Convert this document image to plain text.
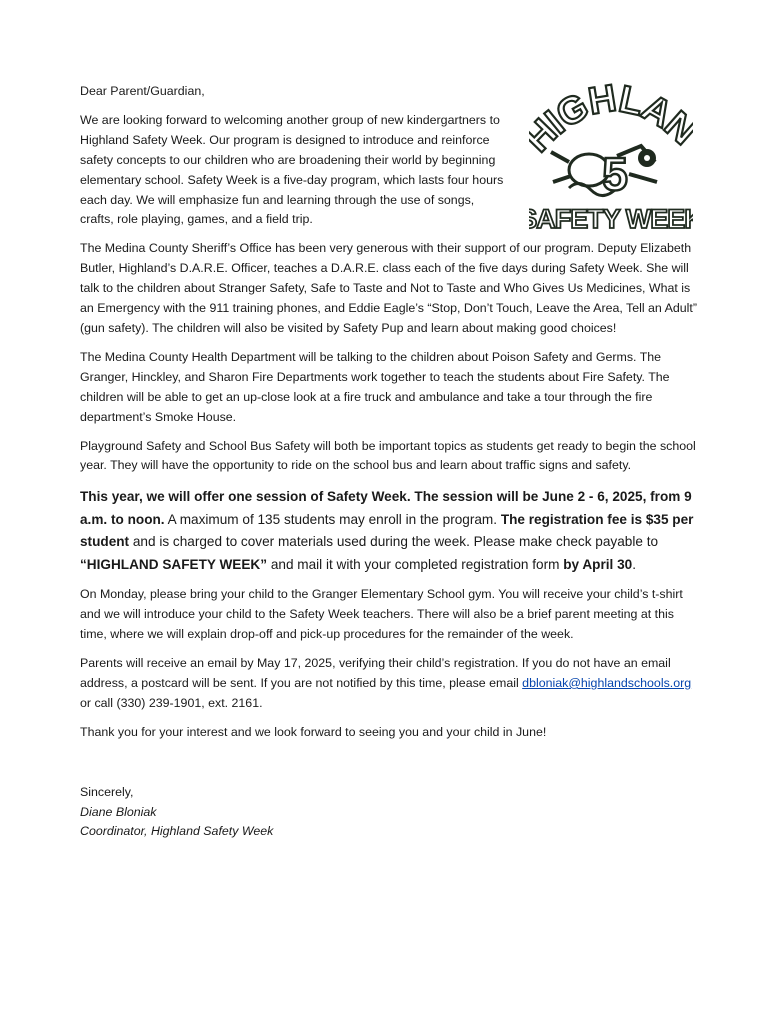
IGHLA
5
SAFETY WEE

Dear Parent/Guardian,

We are looking forward to welcoming another group of new kindergartners to Highland Safety Week. Our program is designed to introduce and reinforce safety concepts to our children who are broadening their world by beginning elementary school. Safety Week is a five-day program, which lasts four hours each day. We will emphasize fun and learning through the use of songs, crafts, role playing, games, and a field trip.

The Medina County Sheriff’s Office has been very generous with their support of our program. Deputy Elizabeth Butler, Highland’s D.A.R.E. Officer, teaches a D.A.R.E. class each of the five days during Safety Week. She will talk to the children about Stranger Safety, Safe to Taste and Not to Taste and Who Gives Us Medicines, What is an Emergency with the 911 training phones, and Eddie Eagle’s “Stop, Don’t Touch, Leave the Area, Tell an Adult” (gun safety). The children will also be visited by Safety Pup and learn about making good choices!

The Medina County Health Department will be talking to the children about Poison Safety and Germs. The Granger, Hinckley, and Sharon Fire Departments work together to teach the students about Fire Safety. The children will be able to get an up-close look at a fire truck and ambulance and take a tour through the fire department’s Smoke House.

Playground Safety and School Bus Safety will both be important topics as students get ready to begin the school year. They will have the opportunity to ride on the school bus and learn about traffic signs and safety.

This year, we will offer one session of Safety Week. The session will be June 2 - 6, 2025, from 9 a.m. to noon. A maximum of 135 students may enroll in the program. The registration fee is $35 per student and is charged to cover materials used during the week. Please make check payable to “HIGHLAND SAFETY WEEK” and mail it with your completed registration form by April 30.

On Monday, please bring your child to the Granger Elementary School gym. You will receive your child’s t-shirt and we will introduce your child to the Safety Week teachers. There will also be a brief parent meeting at this time, where we will explain drop-off and pick-up procedures for the remainder of the week.

Parents will receive an email by May 17, 2025, verifying their child’s registration. If you do not have an email address, a postcard will be sent. If you are not notified by this time, please email dbloniak@highlandschools.org or call (330) 239-1901, ext. 2161.

Thank you for your interest and we look forward to seeing you and your child in June!

Sincerely,

Diane Bloniak

Coordinator, Highland Safety Week
